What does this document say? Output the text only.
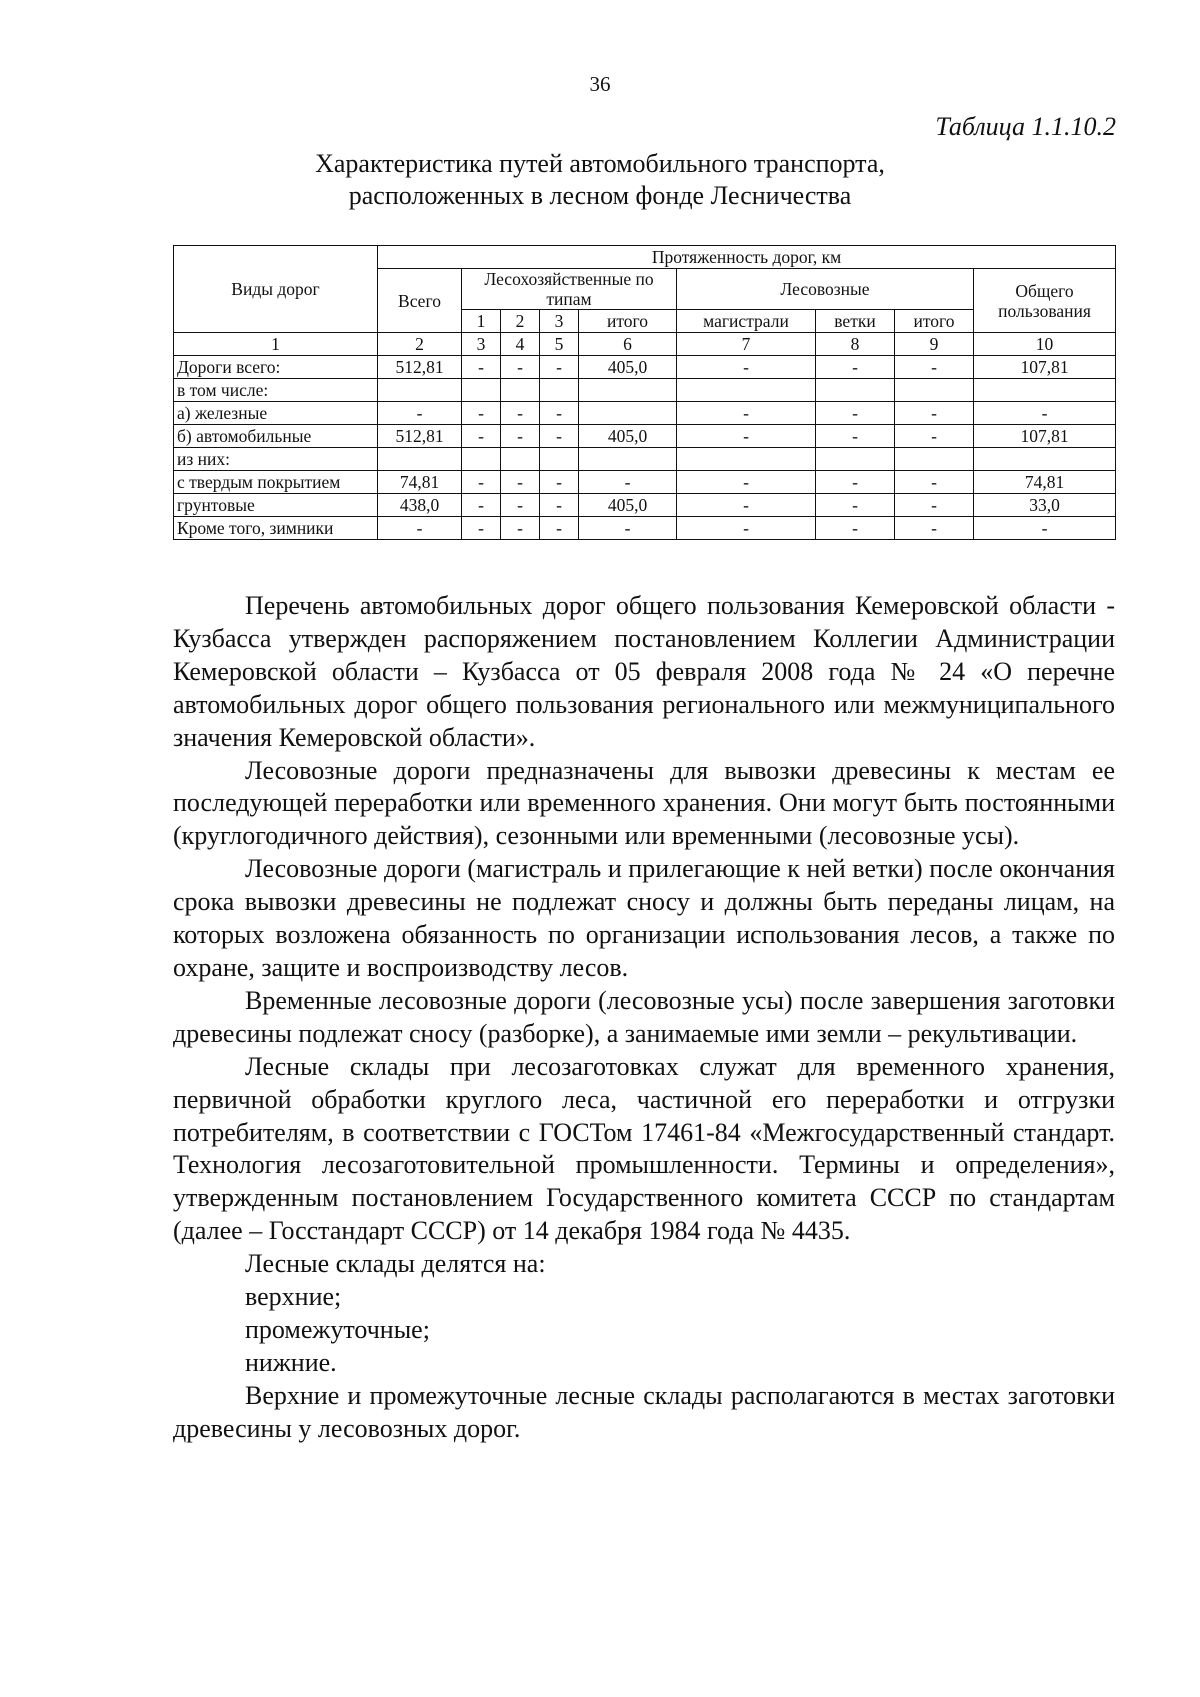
36
Таблица 1.1.10.2
Характеристика путей автомобильного транспорта,
расположенных в лесном фонде Лесничества
Виды дорог	Протяженность дорог, км								
	Всего	Лесохозяйственные по типам				Лесовозные			Общего пользования
		1	2	3	итого	магистрали	ветки	итого	
1	2	3	4	5	6	7	8	9	10
Дороги всего:	512,81	-	-	-	405,0	-	-	-	107,81
в том числе:									
а) железные	-	-	-	-		-	-	-	-
б) автомобильные	512,81	-	-	-	405,0	-	-	-	107,81
из них:									
с твердым покрытием	74,81	-	-	-	-	-	-	-	74,81
грунтовые	438,0	-	-	-	405,0	-	-	-	33,0
Кроме того, зимники	-	-	-	-	-	-	-	-	-

Перечень автомобильных дорог общего пользования Кемеровской области - Кузбасса утвержден распоряжением постановлением Коллегии Администрации Кемеровской области – Кузбасса от 05 февраля 2008 года № 24 «О перечне автомобильных дорог общего пользования регионального или межмуниципального значения Кемеровской области».

Лесовозные дороги предназначены для вывозки древесины к местам ее последующей переработки или временного хранения. Они могут быть постоянными (круглогодичного действия), сезонными или временными (лесовозные усы).

Лесовозные дороги (магистраль и прилегающие к ней ветки) после окончания срока вывозки древесины не подлежат сносу и должны быть переданы лицам, на которых возложена обязанность по организации использования лесов, а также по охране, защите и воспроизводству лесов.

Временные лесовозные дороги (лесовозные усы) после завершения заготовки древесины подлежат сносу (разборке), а занимаемые ими земли – рекультивации.

Лесные склады при лесозаготовках служат для временного хранения, первичной обработки круглого леса, частичной его переработки и отгрузки потребителям, в соответствии с ГОСТом 17461-84 «Межгосударственный стандарт. Технология лесозаготовительной промышленности. Термины и определения», утвержденным постановлением Государственного комитета СССР по стандартам (далее – Госстандарт СССР) от 14 декабря 1984 года № 4435.

Лесные склады делятся на:

верхние;

промежуточные;

нижние.

Верхние и промежуточные лесные склады располагаются в местах заготовки древесины у лесовозных дорог.
